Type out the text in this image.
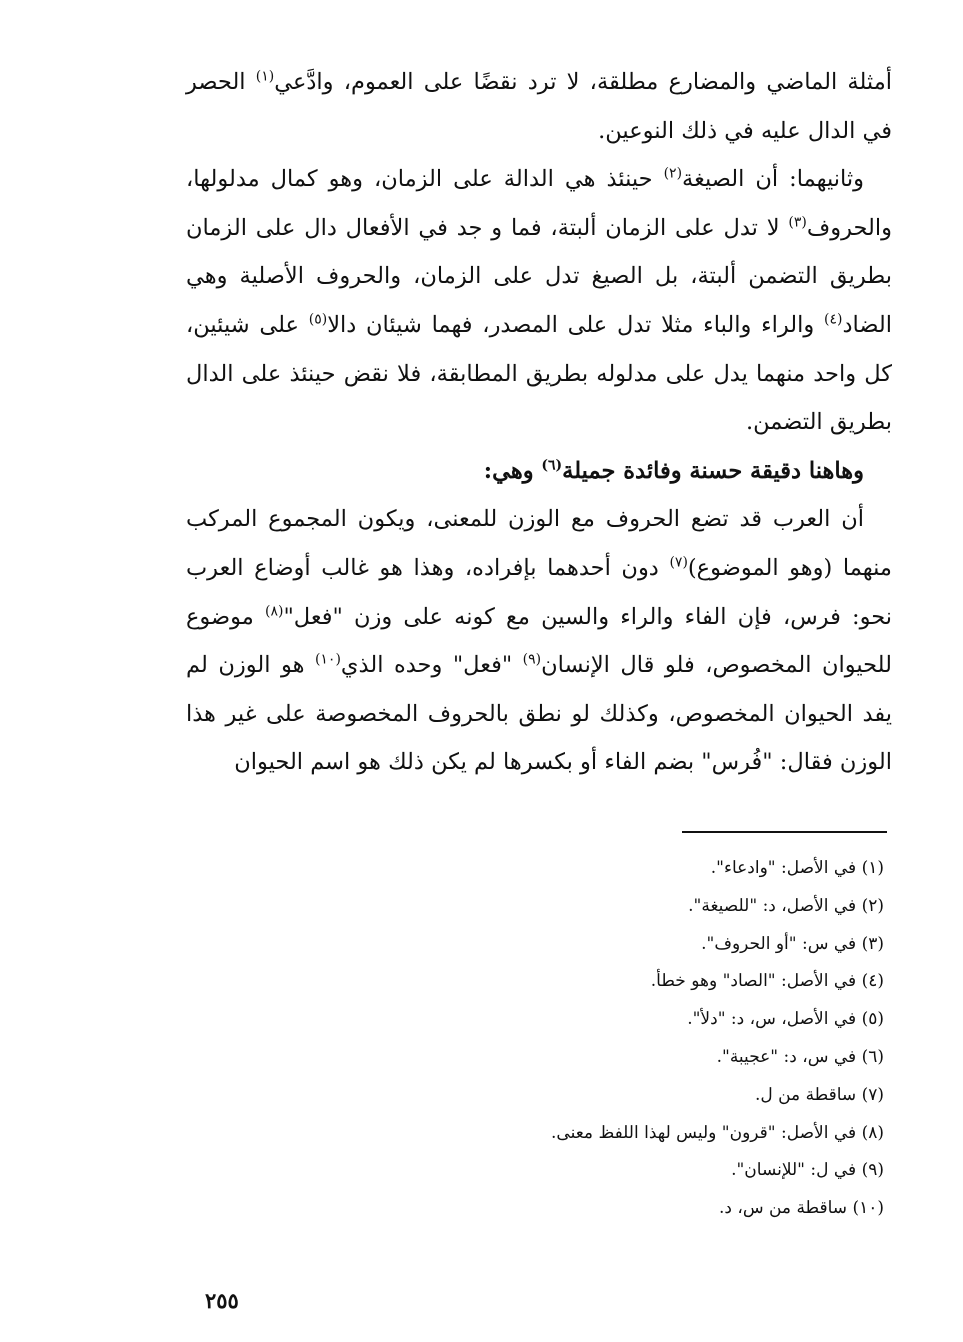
أمثلة الماضي والمضارع مطلقة، لا ترد نقضًا على العموم، وادَّعي$^{(١)}$ الحصر في الدال عليه في ذلك النوعين.

وثانيهما: أن الصيغة$^{(٢)}$ حينئذ هي الدالة على الزمان، وهو كمال مدلولها، والحروف$^{(٣)}$ لا تدل على الزمان ألبتة، فما و جد في الأفعال دال على الزمان بطريق التضمن ألبتة، بل الصيغ تدل على الزمان، والحروف الأصلية وهي الضاد$^{(٤)}$ والراء والباء مثلا تدل على المصدر، فهما شيئان دالا$^{(٥)}$ على شيئين، كل واحد منهما يدل على مدلوله بطريق المطابقة، فلا نقض حينئذ على الدال بطريق التضمن.

وهاهنا دقيقة حسنة وفائدة جميلة$^{(٦)}$ وهي:

أن العرب قد تضع الحروف مع الوزن للمعنى، ويكون المجموع المركب منهما (وهو الموضوع)$^{(٧)}$ دون أحدهما بإفراده، وهذا هو غالب أوضاع العرب نحو: فرس، فإن الفاء والراء والسين مع كونه على وزن "فعل"$^{(٨)}$ موضوع للحيوان المخصوص، فلو قال الإنسان$^{(٩)}$ "فعل" وحده الذي$^{(١٠)}$ هو الوزن لم يفد الحيوان المخصوص، وكذلك لو نطق بالحروف المخصوصة على غير هذا الوزن فقال: "فُرس" بضم الفاء أو بكسرها لم يكن ذلك هو اسم الحيوان

(١) في الأصل: "وادعاء".
(٢) في الأصل، د: "للصيغة".
(٣) في س: "أو الحروف".
(٤) في الأصل: "الصاد" وهو خطأ.
(٥) في الأصل، س، د: "دلأ".
(٦) في س، د: "عجيبة".
(٧) ساقطة من ل.
(٨) في الأصل: "قرون" وليس لهذا اللفظ معنى.
(٩) في ل: "للإنسان".
(١٠) ساقطة من س، د.
٢٥٥
